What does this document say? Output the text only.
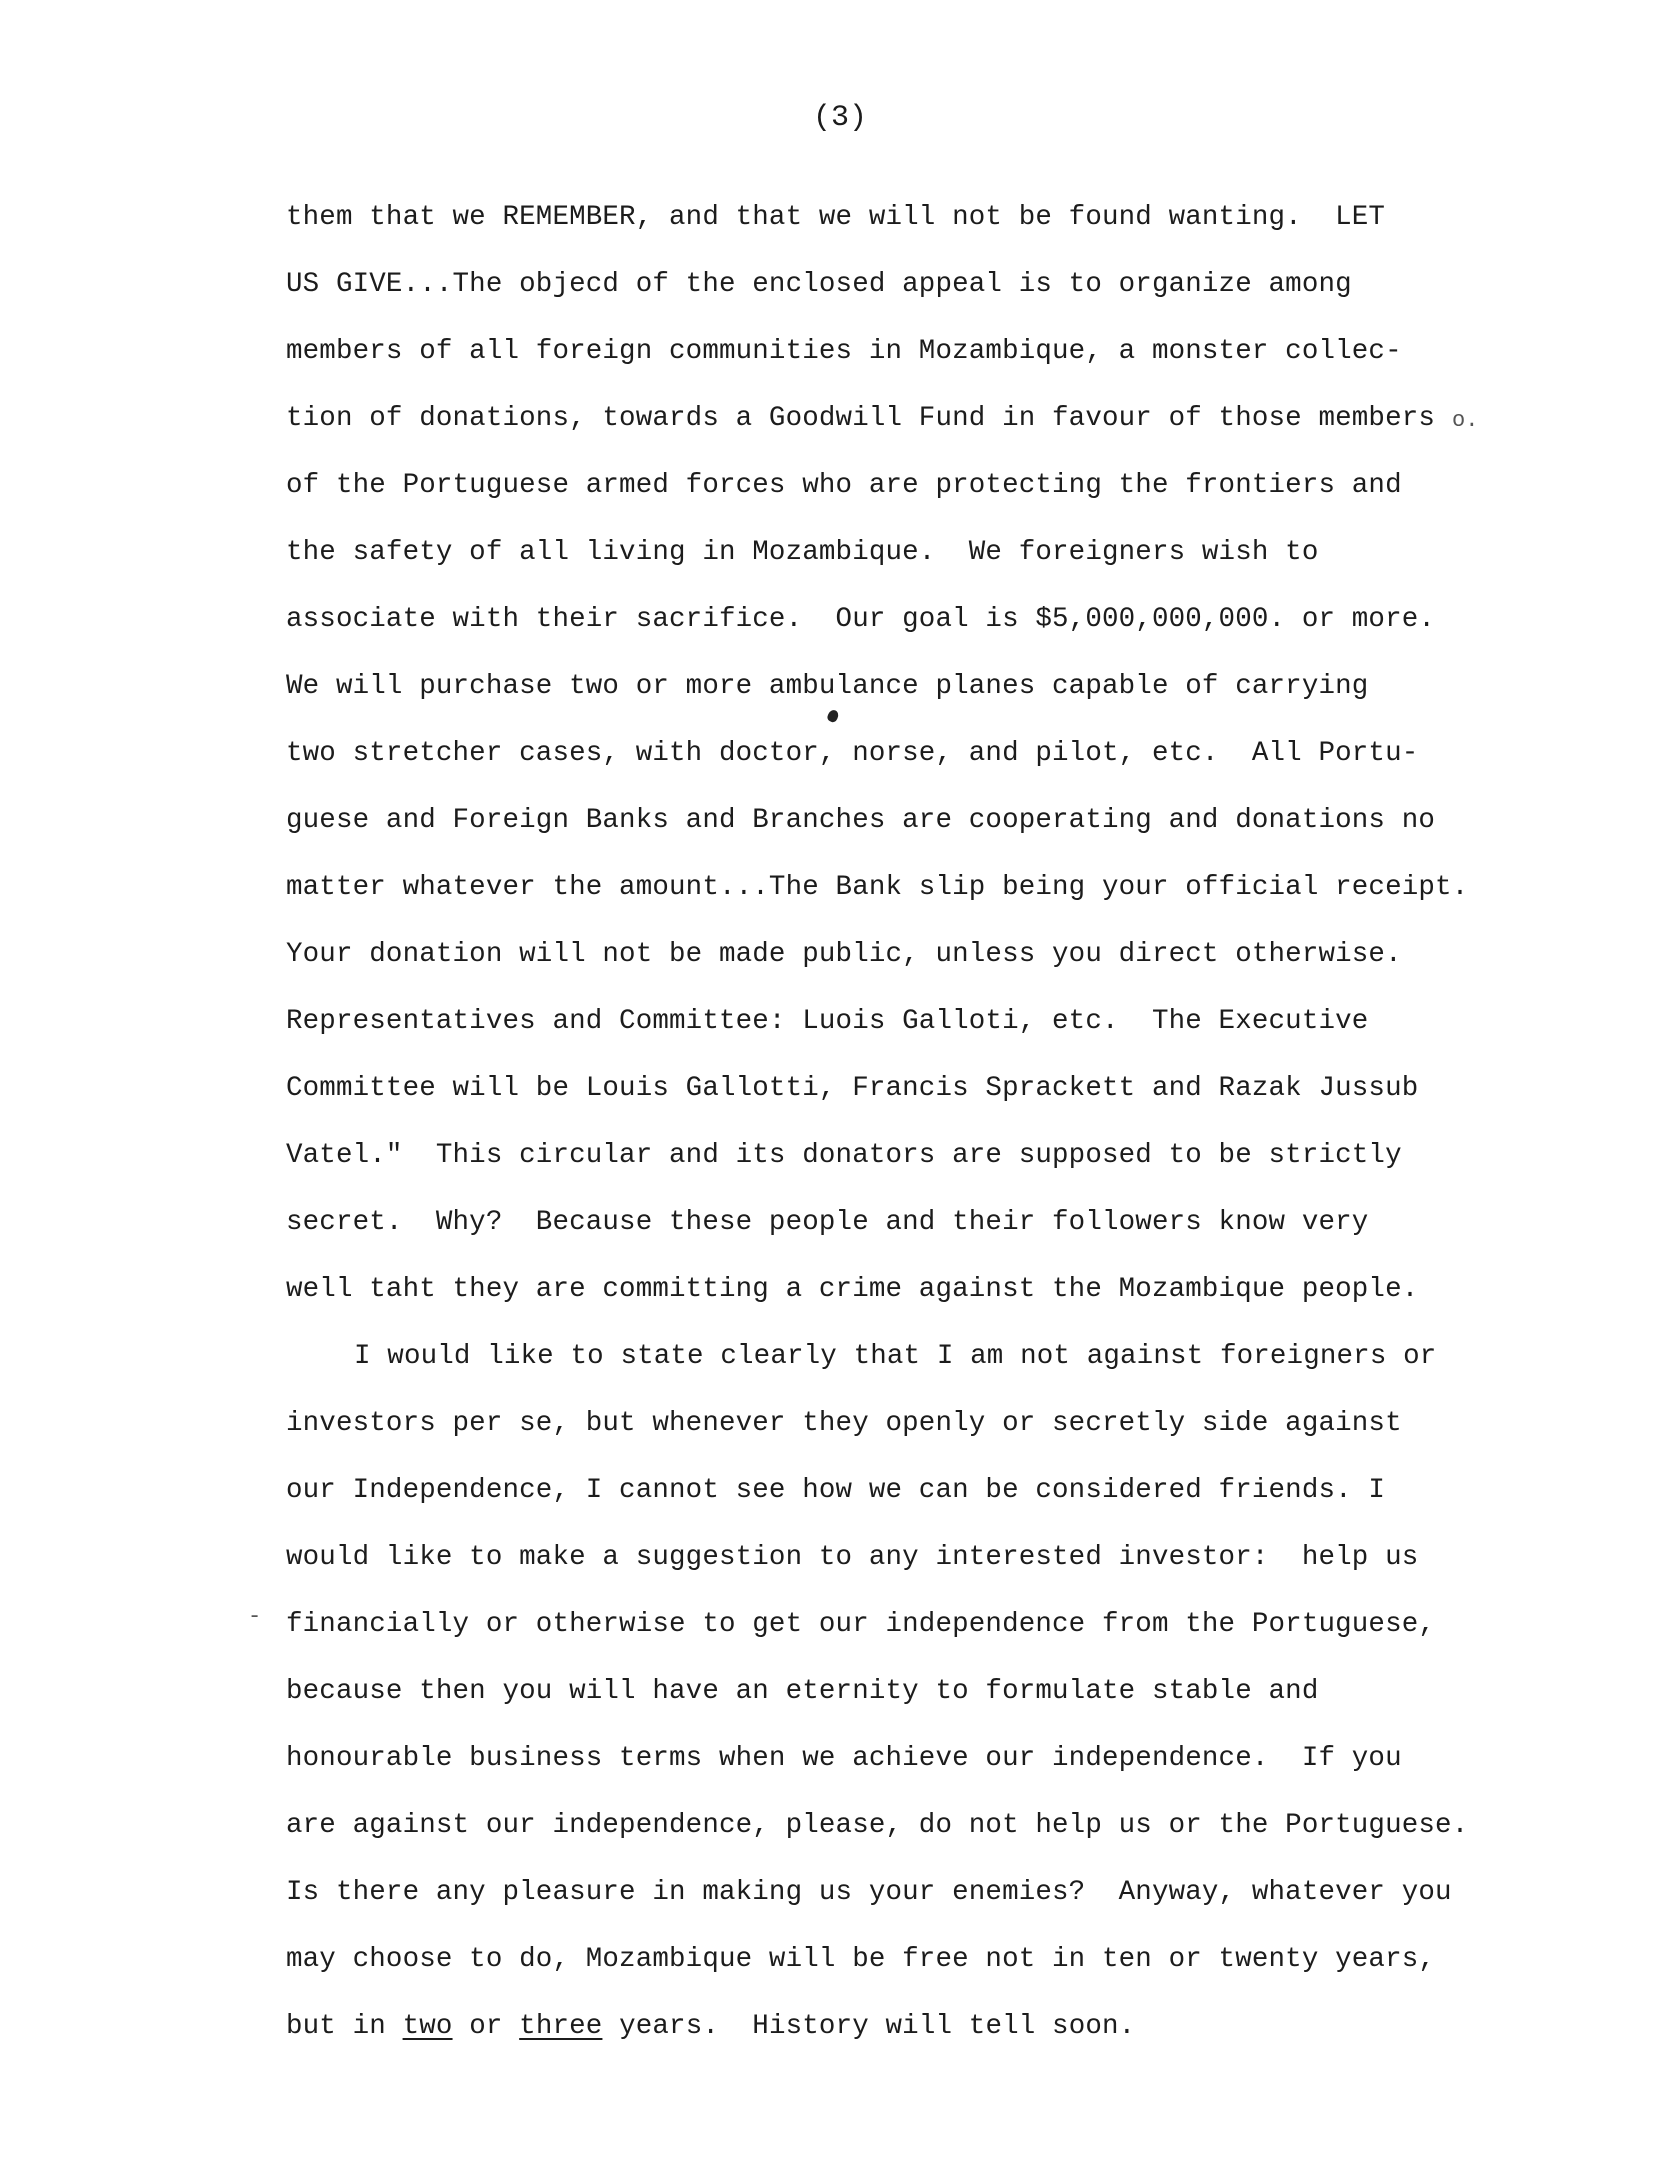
(3)
them that we REMEMBER, and that we will not be found wanting.  LET
US GIVE...The objecd of the enclosed appeal is to organize among
members of all foreign communities in Mozambique, a monster collec-
tion of donations, towards a Goodwill Fund in favour of those members
of the Portuguese armed forces who are protecting the frontiers and
the safety of all living in Mozambique.  We foreigners wish to
associate with their sacrifice.  Our goal is $5,000,000,000. or more.
We will purchase two or more ambulance planes capable of carrying
two stretcher cases, with doctor, norse, and pilot, etc.  All Portu-
guese and Foreign Banks and Branches are cooperating and donations no
matter whatever the amount...The Bank slip being your official receipt.
Your donation will not be made public, unless you direct otherwise.
Representatives and Committee: Luois Galloti, etc.  The Executive
Committee will be Louis Gallotti, Francis Sprackett and Razak Jussub
Vatel."  This circular and its donators are supposed to be strictly
secret.  Why?  Because these people and their followers know very
well taht they are committing a crime against the Mozambique people.
I would like to state clearly that I am not against foreigners or
investors per se, but whenever they openly or secretly side against
our Independence, I cannot see how we can be considered friends. I
would like to make a suggestion to any interested investor:  help us
financially or otherwise to get our independence from the Portuguese,
because then you will have an eternity to formulate stable and
honourable business terms when we achieve our independence.  If you
are against our independence, please, do not help us or the Portuguese.
Is there any pleasure in making us your enemies?  Anyway, whatever you
may choose to do, Mozambique will be free not in ten or twenty years,
but in two or three years.  History will tell soon.
o.
-
